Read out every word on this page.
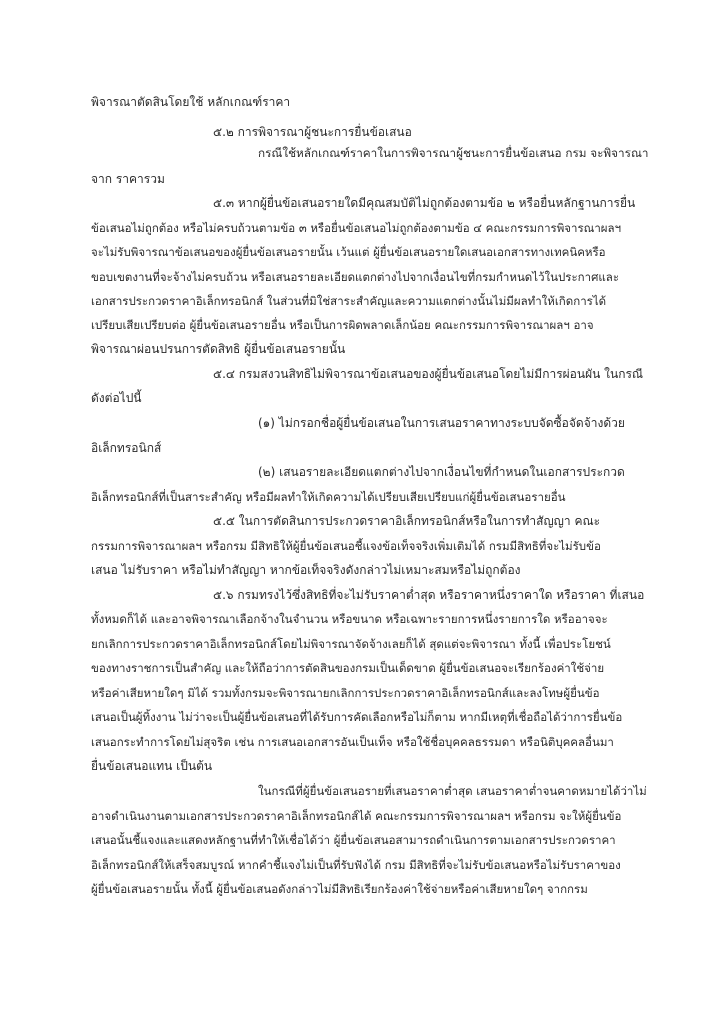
พิจารณาตัดสินโดยใช้ หลักเกณฑ์ราคา
๕.๒ การพิจารณาผู้ชนะการยื่นข้อเสนอ
กรณีใช้หลักเกณฑ์ราคาในการพิจารณาผู้ชนะการยื่นข้อเสนอ กรม จะพิจารณา
จาก ราคารวม
๕.๓ หากผู้ยื่นข้อเสนอรายใดมีคุณสมบัติไม่ถูกต้องตามข้อ ๒ หรือยื่นหลักฐานการยื่น
ข้อเสนอไม่ถูกต้อง หรือไม่ครบถ้วนตามข้อ ๓ หรือยื่นข้อเสนอไม่ถูกต้องตามข้อ ๔ คณะกรรมการพิจารณาผลฯ
จะไม่รับพิจารณาข้อเสนอของผู้ยื่นข้อเสนอรายนั้น เว้นแต่ ผู้ยื่นข้อเสนอรายใดเสนอเอกสารทางเทคนิคหรือ
ขอบเขตงานที่จะจ้างไม่ครบถ้วน หรือเสนอรายละเอียดแตกต่างไปจากเงื่อนไขที่กรมกำหนดไว้ในประกาศและ
เอกสารประกวดราคาอิเล็กทรอนิกส์ ในส่วนที่มิใช่สาระสำคัญและความแตกต่างนั้นไม่มีผลทำให้เกิดการได้
เปรียบเสียเปรียบต่อ ผู้ยื่นข้อเสนอรายอื่น หรือเป็นการผิดพลาดเล็กน้อย คณะกรรมการพิจารณาผลฯ อาจ
พิจารณาผ่อนปรนการตัดสิทธิ ผู้ยื่นข้อเสนอรายนั้น
๕.๔ กรมสงวนสิทธิไม่พิจารณาข้อเสนอของผู้ยื่นข้อเสนอโดยไม่มีการผ่อนผัน ในกรณี
ดังต่อไปนี้
(๑) ไม่กรอกชื่อผู้ยื่นข้อเสนอในการเสนอราคาทางระบบจัดซื้อจัดจ้างด้วย
อิเล็กทรอนิกส์
(๒) เสนอรายละเอียดแตกต่างไปจากเงื่อนไขที่กำหนดในเอกสารประกวด
อิเล็กทรอนิกส์ที่เป็นสาระสำคัญ หรือมีผลทำให้เกิดความได้เปรียบเสียเปรียบแก่ผู้ยื่นข้อเสนอรายอื่น
๕.๕ ในการตัดสินการประกวดราคาอิเล็กทรอนิกส์หรือในการทำสัญญา คณะ
กรรมการพิจารณาผลฯ หรือกรม มีสิทธิให้ผู้ยื่นข้อเสนอชี้แจงข้อเท็จจริงเพิ่มเติมได้ กรมมีสิทธิที่จะไม่รับข้อ
เสนอ ไม่รับราคา หรือไม่ทำสัญญา หากข้อเท็จจริงดังกล่าวไม่เหมาะสมหรือไม่ถูกต้อง
๕.๖ กรมทรงไว้ซึ่งสิทธิที่จะไม่รับราคาต่ำสุด หรือราคาหนึ่งราคาใด หรือราคา ที่เสนอ
ทั้งหมดก็ได้ และอาจพิจารณาเลือกจ้างในจำนวน หรือขนาด หรือเฉพาะรายการหนึ่งรายการใด หรืออาจจะ
ยกเลิกการประกวดราคาอิเล็กทรอนิกส์โดยไม่พิจารณาจัดจ้างเลยก็ได้ สุดแต่จะพิจารณา ทั้งนี้ เพื่อประโยชน์
ของทางราชการเป็นสำคัญ และให้ถือว่าการตัดสินของกรมเป็นเด็ดขาด ผู้ยื่นข้อเสนอจะเรียกร้องค่าใช้จ่าย
หรือค่าเสียหายใดๆ มิได้ รวมทั้งกรมจะพิจารณายกเลิกการประกวดราคาอิเล็กทรอนิกส์และลงโทษผู้ยื่นข้อ
เสนอเป็นผู้ทิ้งงาน ไม่ว่าจะเป็นผู้ยื่นข้อเสนอที่ได้รับการคัดเลือกหรือไม่ก็ตาม หากมีเหตุที่เชื่อถือได้ว่าการยื่นข้อ
เสนอกระทำการโดยไม่สุจริต เช่น การเสนอเอกสารอันเป็นเท็จ หรือใช้ชื่อบุคคลธรรมดา หรือนิติบุคคลอื่นมา
ยื่นข้อเสนอแทน เป็นต้น
ในกรณีที่ผู้ยื่นข้อเสนอรายที่เสนอราคาต่ำสุด เสนอราคาต่ำจนคาดหมายได้ว่าไม่
อาจดำเนินงานตามเอกสารประกวดราคาอิเล็กทรอนิกส์ได้ คณะกรรมการพิจารณาผลฯ หรือกรม จะให้ผู้ยื่นข้อ
เสนอนั้นชี้แจงและแสดงหลักฐานที่ทำให้เชื่อได้ว่า ผู้ยื่นข้อเสนอสามารถดำเนินการตามเอกสารประกวดราคา
อิเล็กทรอนิกส์ให้เสร็จสมบูรณ์ หากคำชี้แจงไม่เป็นที่รับฟังได้ กรม มีสิทธิที่จะไม่รับข้อเสนอหรือไม่รับราคาของ
ผู้ยื่นข้อเสนอรายนั้น ทั้งนี้ ผู้ยื่นข้อเสนอดังกล่าวไม่มีสิทธิเรียกร้องค่าใช้จ่ายหรือค่าเสียหายใดๆ จากกรม
